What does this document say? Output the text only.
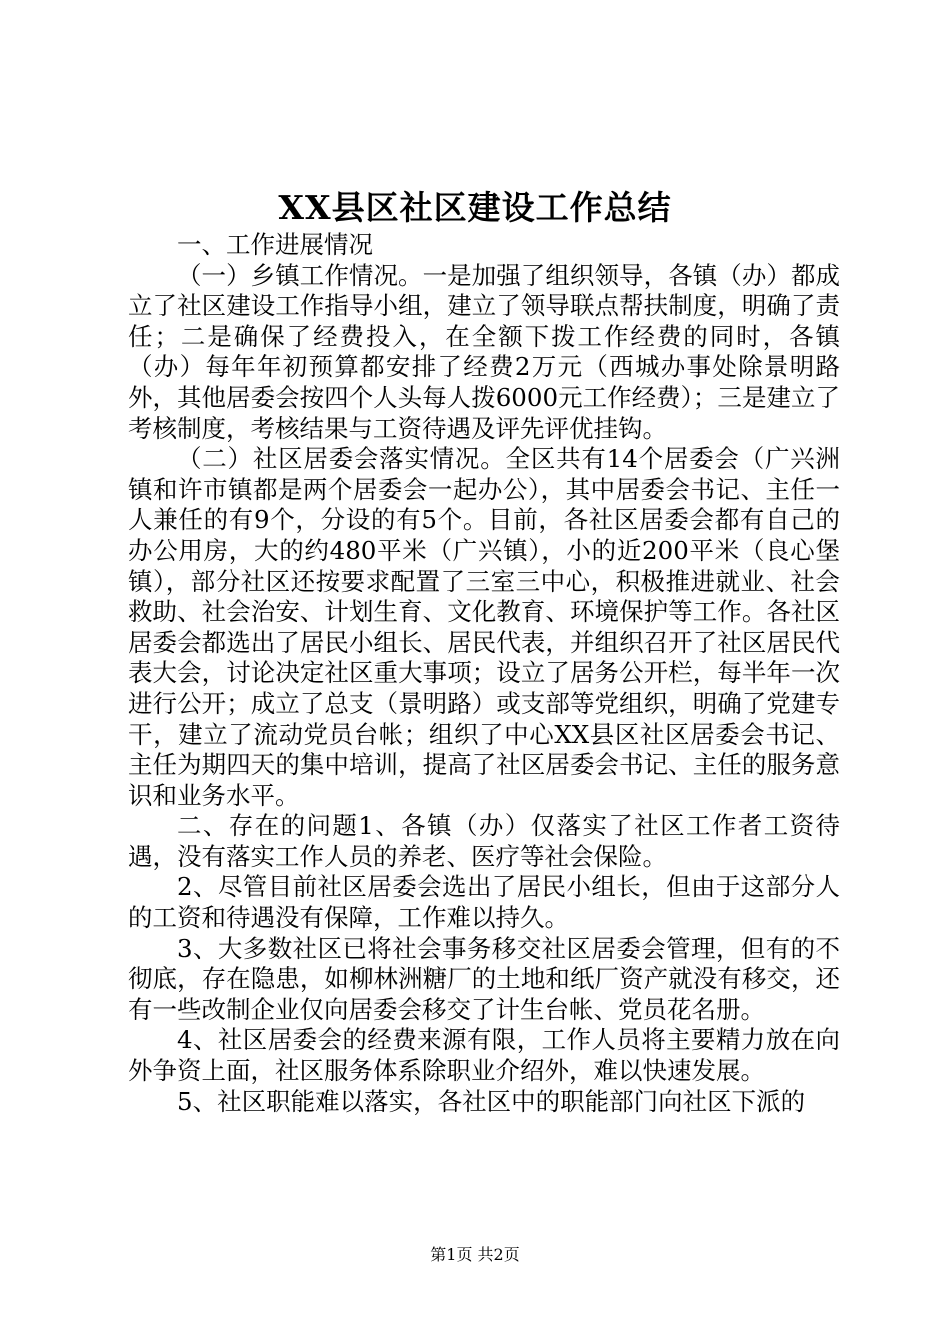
XX县区社区建设工作总结

一、工作进展情况

（一）乡镇工作情况。一是加强了组织领导，各镇（办）都成立了社区建设工作指导小组，建立了领导联点帮扶制度，明确了责任；二是确保了经费投入，在全额下拨工作经费的同时，各镇（办）每年年初预算都安排了经费2万元（西城办事处除景明路外，其他居委会按四个人头每人拨6000元工作经费）；三是建立了考核制度，考核结果与工资待遇及评先评优挂钩。

（二）社区居委会落实情况。全区共有14个居委会（广兴洲镇和许市镇都是两个居委会一起办公），其中居委会书记、主任一人兼任的有9个，分设的有5个。目前，各社区居委会都有自己的办公用房，大的约480平米（广兴镇），小的近200平米（良心堡镇），部分社区还按要求配置了三室三中心，积极推进就业、社会救助、社会治安、计划生育、文化教育、环境保护等工作。各社区居委会都选出了居民小组长、居民代表，并组织召开了社区居民代表大会，讨论决定社区重大事项；设立了居务公开栏，每半年一次进行公开；成立了总支（景明路）或支部等党组织，明确了党建专干，建立了流动党员台帐；组织了中心XX县区社区居委会书记、主任为期四天的集中培训，提高了社区居委会书记、主任的服务意识和业务水平。

二、存在的问题1、各镇（办）仅落实了社区工作者工资待遇，没有落实工作人员的养老、医疗等社会保险。

2、尽管目前社区居委会选出了居民小组长，但由于这部分人的工资和待遇没有保障，工作难以持久。

3、大多数社区已将社会事务移交社区居委会管理，但有的不彻底，存在隐患，如柳林洲糖厂的土地和纸厂资产就没有移交，还有一些改制企业仅向居委会移交了计生台帐、党员花名册。

4、社区居委会的经费来源有限，工作人员将主要精力放在向外争资上面，社区服务体系除职业介绍外，难以快速发展。

5、社区职能难以落实，各社区中的职能部门向社区下派的

第1页 共2页
